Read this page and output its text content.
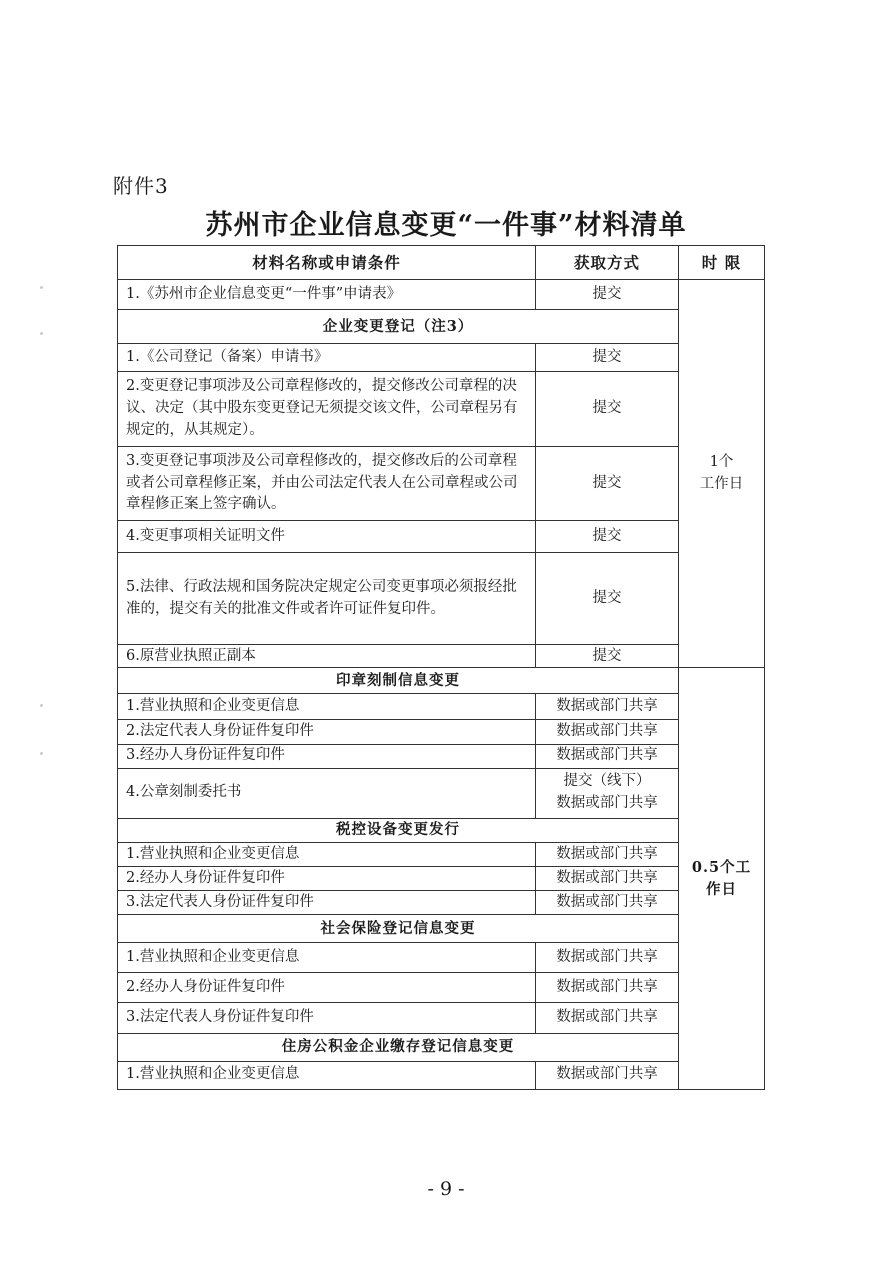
附件3
苏州市企业信息变更“一件事”材料清单
材料名称或申请条件	获取方式	时 限
1.《苏州市企业信息变更“一件事”申请表》	提交	1个
工作日

企业变更登记（注3）		
1.《公司登记（备案）申请书》	提交	
2.变更登记事项涉及公司章程修改的，提交修改公司章程的决议、决定（其中股东变更登记无须提交该文件，公司章程另有规定的，从其规定）。	提交	
3.变更登记事项涉及公司章程修改的，提交修改后的公司章程或者公司章程修正案，并由公司法定代表人在公司章程或公司章程修正案上签字确认。	提交	
4.变更事项相关证明文件	提交	
5.法律、行政法规和国务院决定规定公司变更事项必须报经批准的，提交有关的批准文件或者许可证件复印件。	提交	
6.原营业执照正副本	提交	
印章刻制信息变更		0.5个工
作日

1.营业执照和企业变更信息	数据或部门共享	
2.法定代表人身份证件复印件	数据或部门共享	
3.经办人身份证件复印件	数据或部门共享	
4.公章刻制委托书	提交（线下）
数据或部门共享	

税控设备变更发行		
1.营业执照和企业变更信息	数据或部门共享	
2.经办人身份证件复印件	数据或部门共享	
3.法定代表人身份证件复印件	数据或部门共享	
社会保险登记信息变更		
1.营业执照和企业变更信息	数据或部门共享	
2.经办人身份证件复印件	数据或部门共享	
3.法定代表人身份证件复印件	数据或部门共享	
住房公积金企业缴存登记信息变更		
1.营业执照和企业变更信息	数据或部门共享	
- 9 -
